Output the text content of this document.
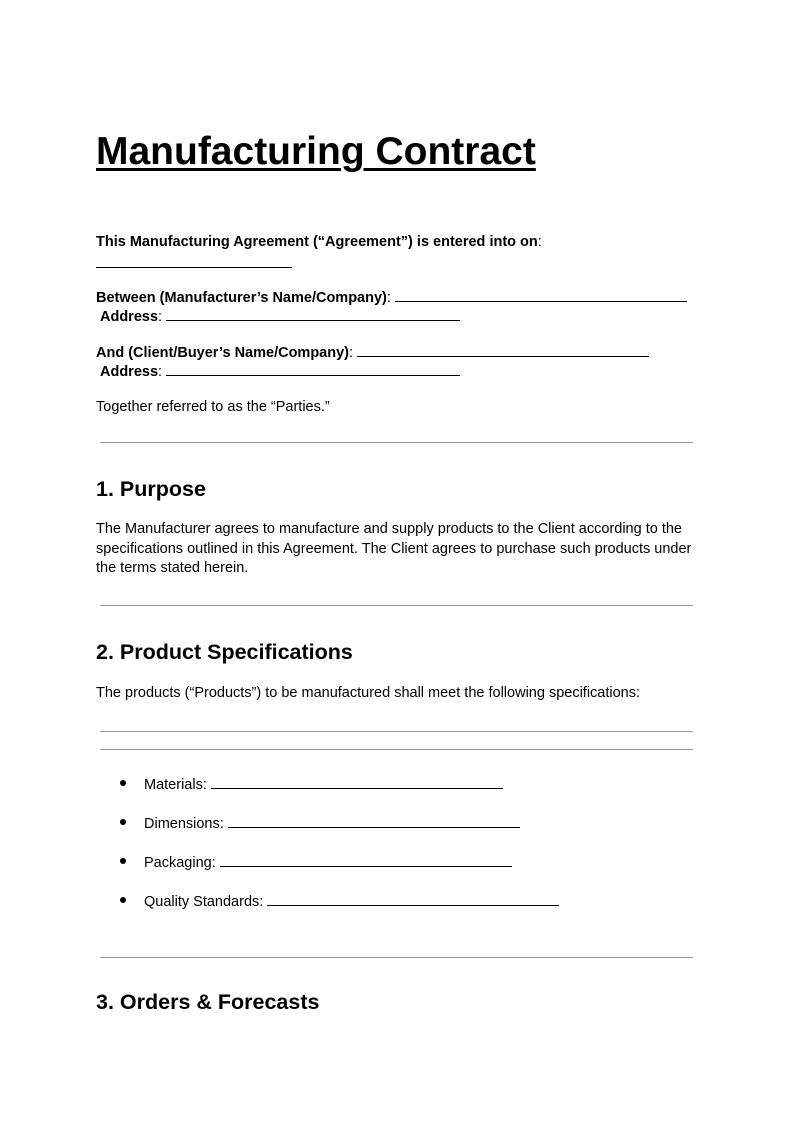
Manufacturing Contract
This Manufacturing Agreement (“Agreement”) is entered into on:
Between (Manufacturer’s Name/Company):
Address:
And (Client/Buyer’s Name/Company):
Address:
Together referred to as the “Parties.”
1. Purpose
The Manufacturer agrees to manufacture and supply products to the Client according to the specifications outlined in this Agreement. The Client agrees to purchase such products under the terms stated herein.
2. Product Specifications
The products (“Products”) to be manufactured shall meet the following specifications:
Materials:
Dimensions:
Packaging:
Quality Standards:
3. Orders & Forecasts
